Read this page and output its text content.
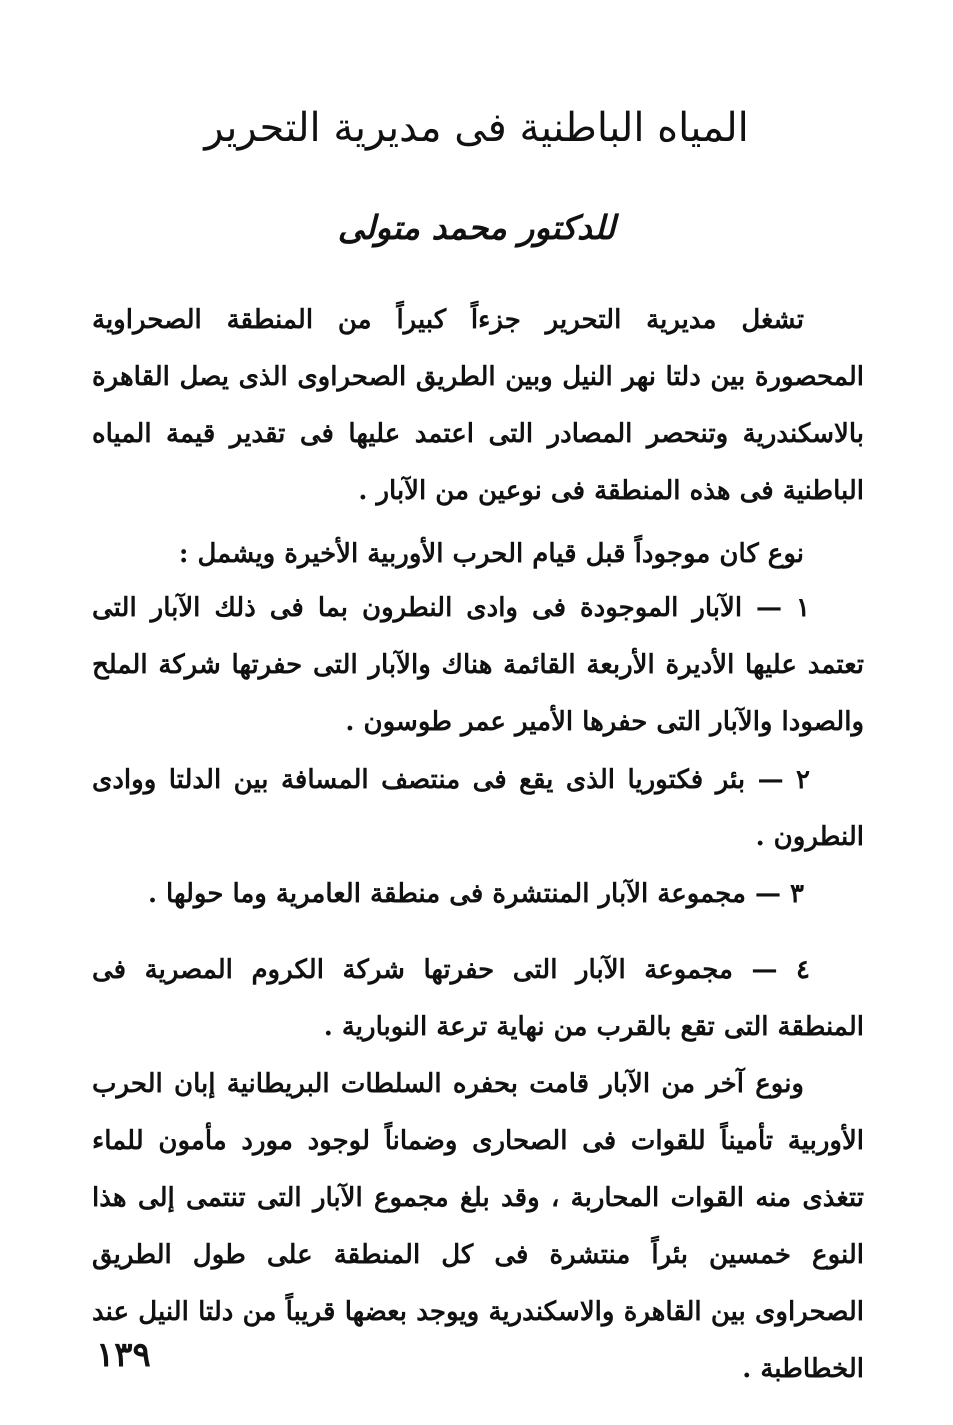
المياه الباطنية فى مديرية التحرير
للدكتور محمد متولى

تشغل مديرية التحرير جزءاً كبيراً من المنطقة الصحراوية المحصورة بين دلتا نهر النيل وبين الطريق الصحراوى الذى يصل القاهرة بالاسكندرية وتنحصر المصادر التى اعتمد عليها فى تقدير قيمة المياه الباطنية فى هذه المنطقة فى نوعين من الآبار .

نوع كان موجوداً قبل قيام الحرب الأوربية الأخيرة ويشمل :

١ — الآبار الموجودة فى وادى النطرون بما فى ذلك الآبار التى تعتمد عليها الأديرة الأربعة القائمة هناك والآبار التى حفرتها شركة الملح والصودا والآبار التى حفرها الأمير عمر طوسون .

٢ — بئر فكتوريا الذى يقع فى منتصف المسافة بين الدلتا ووادى النطرون .

٣ — مجموعة الآبار المنتشرة فى منطقة العامرية وما حولها .

٤ — مجموعة الآبار التى حفرتها شركة الكروم المصرية فى المنطقة التى تقع بالقرب من نهاية ترعة النوبارية .

ونوع آخر من الآبار قامت بحفره السلطات البريطانية إبان الحرب الأوربية تأميناً للقوات فى الصحارى وضماناً لوجود مورد مأمون للماء تتغذى منه القوات المحاربة ، وقد بلغ مجموع الآبار التى تنتمى إلى هذا النوع خمسين بئراً منتشرة فى كل المنطقة على طول الطريق الصحراوى بين القاهرة والاسكندرية ويوجد بعضها قريباً من دلتا النيل عند الخطاطبة .

١٣٩
